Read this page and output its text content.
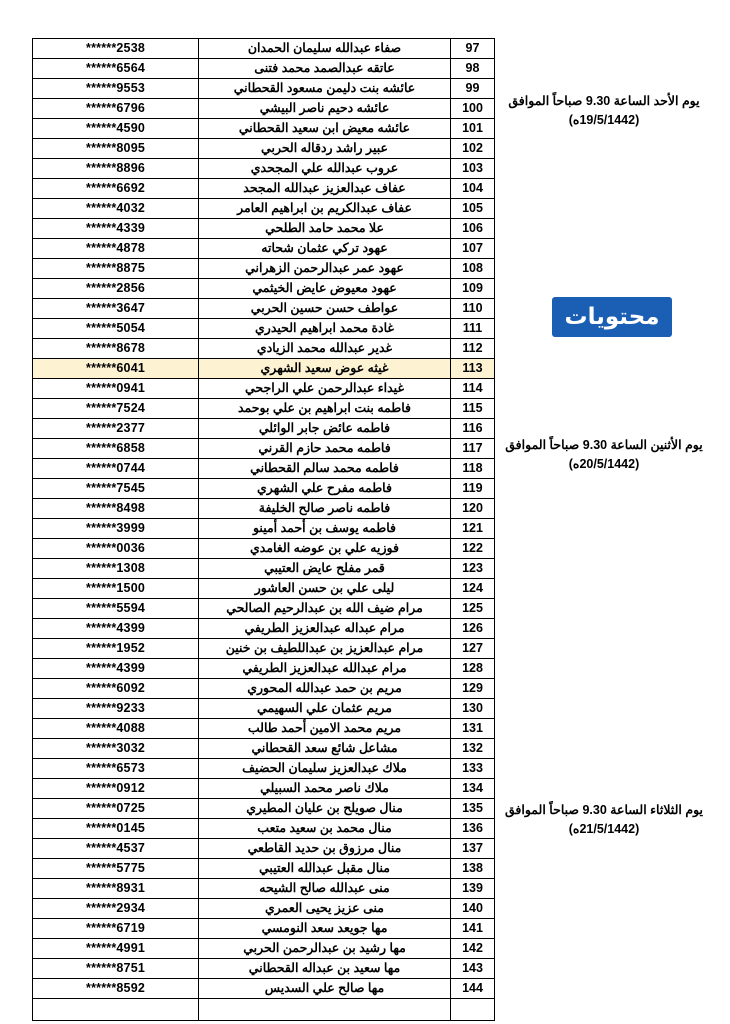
97	صفاء عبدالله سليمان الحمدان	******2538
98	عاتقه عبدالصمد محمد فتنى	******6564
99	عائشه بنت دليمن مسعود القحطاني	******9553
100	عائشه دحيم ناصر البيشي	******6796
101	عائشه معيض ابن سعيد القحطاني	******4590
102	عبير راشد ردقاله الحربي	******8095
103	عروب عبدالله علي المجحدي	******8896
104	عفاف عبدالعزيز عبدالله المجحد	******6692
105	عفاف عبدالكريم بن ابراهيم العامر	******4032
106	علا محمد حامد الطلحي	******4339
107	عهود تركي عثمان شحاته	******4878
108	عهود عمر عبدالرحمن الزهراني	******8875
109	عهود معيوض عايض الخيثمي	******2856
110	عواطف حسن حسين الحربي	******3647
111	غادة محمد ابراهيم الحيدري	******5054
112	غدير عبدالله محمد الزيادي	******8678
113	غيثه عوض سعيد الشهري	******6041
114	غيداء عبدالرحمن علي الراجحي	******0941
115	فاطمه بنت ابراهيم بن علي بوحمد	******7524
116	فاطمه عائض جابر الوائلي	******2377
117	فاطمه محمد حازم القرني	******6858
118	فاطمه محمد سالم القحطاني	******0744
119	فاطمه مفرح علي الشهري	******7545
120	فاطمه ناصر صالح الخليفة	******8498
121	فاطمه يوسف بن أحمد أمينو	******3999
122	فوزيه علي بن عوضه الغامدي	******0036
123	قمر مفلح عايض العتيبي	******1308
124	ليلى علي بن حسن العاشور	******1500
125	مرام ضيف الله بن عبدالرحيم الصالحي	******5594
126	مرام عبداله عبدالعزيز الطريفي	******4399
127	مرام عبدالعزيز بن عبداللطيف بن خنين	******1952
128	مرام عبدالله عبدالعزيز الطريفي	******4399
129	مريم بن حمد عبدالله المحوري	******6092
130	مريم عثمان علي السهيمي	******9233
131	مريم محمد الامين أحمد طالب	******4088
132	مشاعل شائع سعد القحطاني	******3032
133	ملاك عبدالعزيز سليمان الحضيف	******6573
134	ملاك ناصر محمد السبيلي	******0912
135	منال صويلح بن عليان المطيري	******0725
136	منال محمد بن سعيد متعب	******0145
137	منال مرزوق بن حديد القاطعي	******4537
138	منال مقبل عبدالله العتيبي	******5775
139	منى عبدالله صالح الشيحه	******8931
140	منى عزيز يحيى العمري	******2934
141	مها جويعد سعد النومسي	******6719
142	مها رشيد بن عبدالرحمن الحربي	******4991
143	مها سعيد بن عبداله القحطاني	******8751
144	مها صالح علي السديس	******8592

يوم الأحد الساعة 9.30 صباحاً الموافق
(19/5/1442ه)
يوم الأثنين الساعة 9.30 صباحاً الموافق
(20/5/1442ه)
يوم الثلاثاء الساعة 9.30 صباحاً الموافق
(21/5/1442ه)
محتويات
